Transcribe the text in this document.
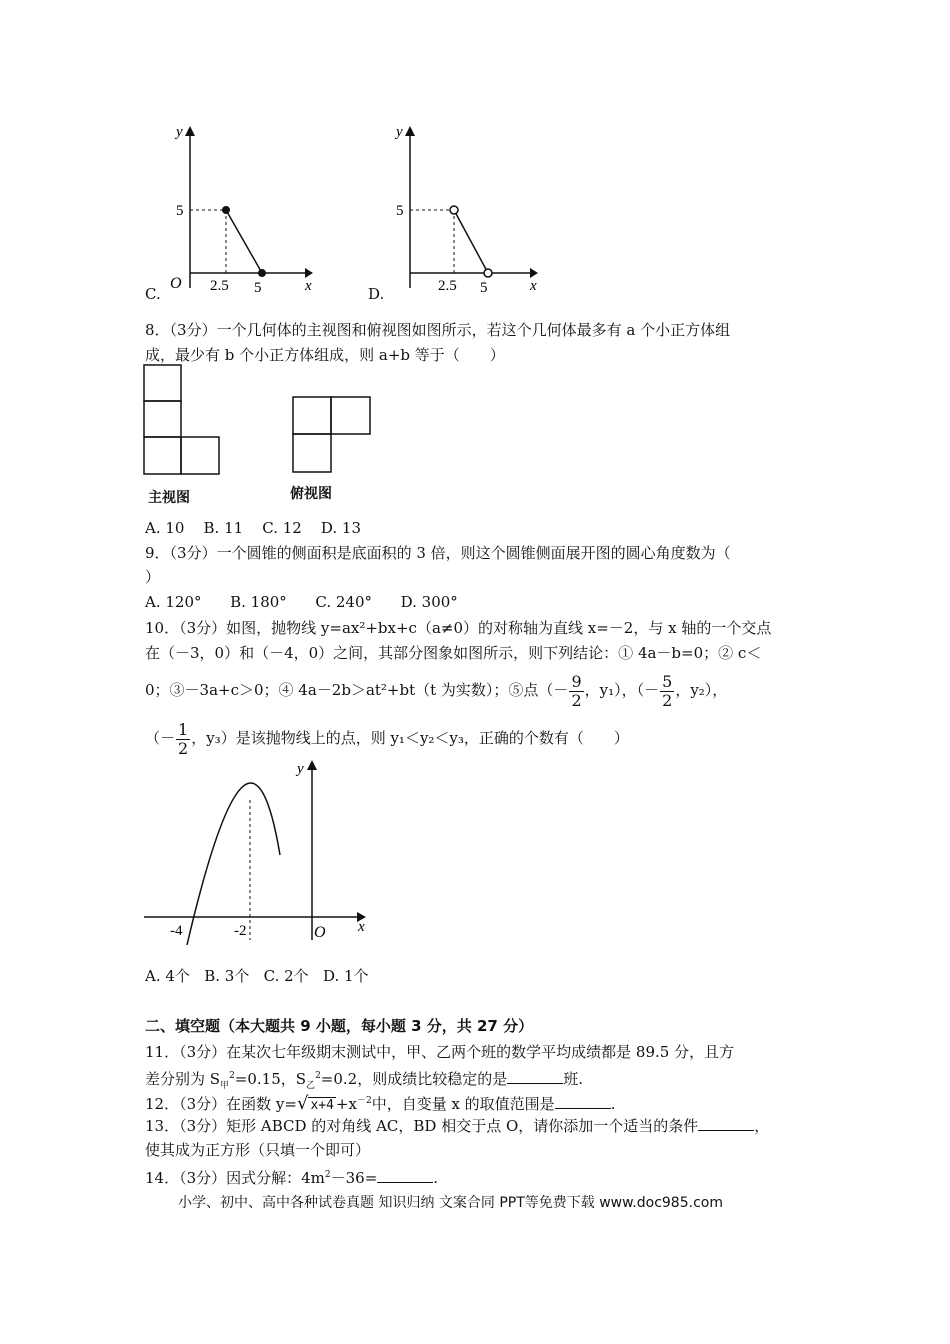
y
x
O
5
2.5 5
C.
y
x
5
2.5 5
D.
8．（3分）一个几何体的主视图和俯视图如图所示，若这个几何体最多有 a 个小正方体组
成，最少有 b 个小正方体组成，则 a+b 等于（　　）
主视图	俯视图
A. 10    B. 11    C. 12    D. 13
9．（3分）一个圆锥的侧面积是底面积的 3 倍，则这个圆锥侧面展开图的圆心角度数为（
）
A. 120°      B. 180°      C. 240°      D. 300°
10．（3分）如图，抛物线 y=ax²+bx+c（a≠0）的对称轴为直线 x=－2，与 x 轴的一个交点
在（－3，0）和（－4，0）之间，其部分图象如图所示，则下列结论：① 4a－b=0；② c＜
0；③－3a+c＞0；④ 4a－2b＞at²+bt（t 为实数）；⑤点（－ $\frac{9}{2}$ ，y₁），（－ $\frac{5}{2}$ ，y₂），
（－ $\frac{1}{2}$ ，y₃）是该抛物线上的点，则 y₁＜y₂＜y₃，正确的个数有（　　）
y
x
O
-4	-2
A. 4个   B. 3个   C. 2个   D. 1个
二、填空题（本大题共 9 小题，每小题 3 分，共 27 分）
11．（3分）在某次七年级期末测试中，甲、乙两个班的数学平均成绩都是 89.5 分，且方
差分别为 $S_甲^2=0.15$，$S_乙^2=0.2$，则成绩比较稳定的是	班.
12．（3分）在函数 y=√ $x+4 +x^{-2}$中，自变量 x 的取值范围是	.
13．（3分）矩形 ABCD 的对角线 AC，BD 相交于点 O，请你添加一个适当的条件	，
使其成为正方形（只填一个即可）
14．（3分）因式分解：$4m^2-36=$	.
小学、初中、高中各种试卷真题 知识归纳 文案合同 PPT等免费下载 www.doc985.com
